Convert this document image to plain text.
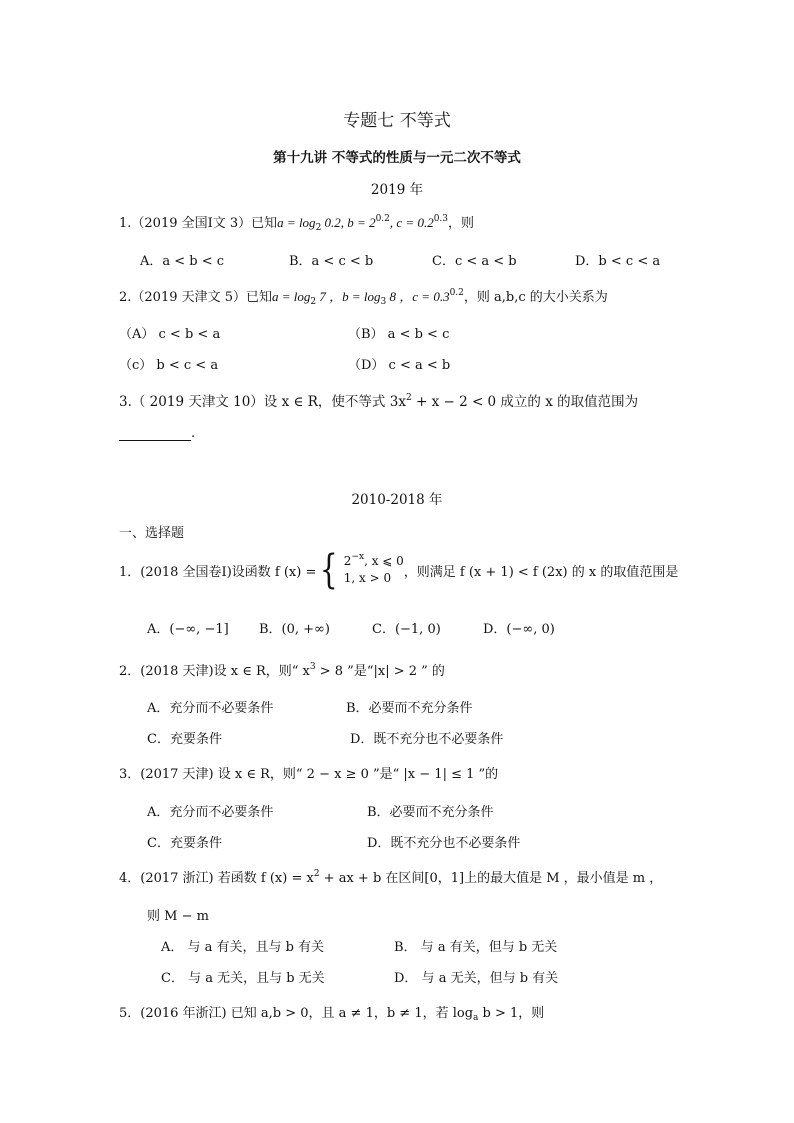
专题七 不等式
第十九讲 不等式的性质与一元二次不等式
2019 年
1.（2019 全国Ⅰ文 3）已知$a = \log_2 0.2$, $b = 2^{0.2}$, $c = 0.2^{0.3}$，则
A．a < b < c	B．a < c < b	C．c < a < b	D．b < c < a
2.（2019 天津文 5）已知$a = \log_2 7$ ，$b = \log_3 8$ ，$c = 0.3^{0.2}$，则 a,b,c 的大小关系为
（A） c < b < a	（B） a < b < c
（c） b < c < a	（D） c < a < b
3.（ 2019 天津文 10）设 x ∈ R，使不等式 $3x^2 + x - 2 < 0$ 成立的 x 的取值范围为
.
2010-2018 年
一、选择题
1．(2018 全国卷Ⅰ)设函数 f (x) = { $2^{-x}$, x ⩽ 0
1, x > 0 ，则满足 f (x + 1) < f (2x) 的 x 的取值范围是
A．(−∞, −1] B．(0, +∞)	C．(−1, 0)	D．(−∞, 0)
2．(2018 天津)设 x ∈ R，则“ $x^3 > 8$ ”是“|x| > 2 ” 的
A．充分而不必要条件	B．必要而不充分条件
C．充要条件	D．既不充分也不必要条件
3．(2017 天津) 设 x ∈ R，则“ 2 − x ≥ 0 ”是“ |x − 1| ≤ 1 ”的
A．充分而不必要条件	B．必要而不充分条件
C．充要条件	D．既不充分也不必要条件
4．(2017 浙江) 若函数 f $(x) = x^2$ + ax + b 在区间[0，1]上的最大值是 M ，最小值是 m ，
则 M − m
A． 与 a 有关，且与 b 有关	B． 与 a 有关，但与 b 无关
C． 与 a 无关，且与 b 无关	D． 与 a 无关，但与 b 有关
5．(2016 年浙江) 已知 a,b > 0，且 a ≠ 1，b ≠ 1，若 $\log_a b > 1$，则
